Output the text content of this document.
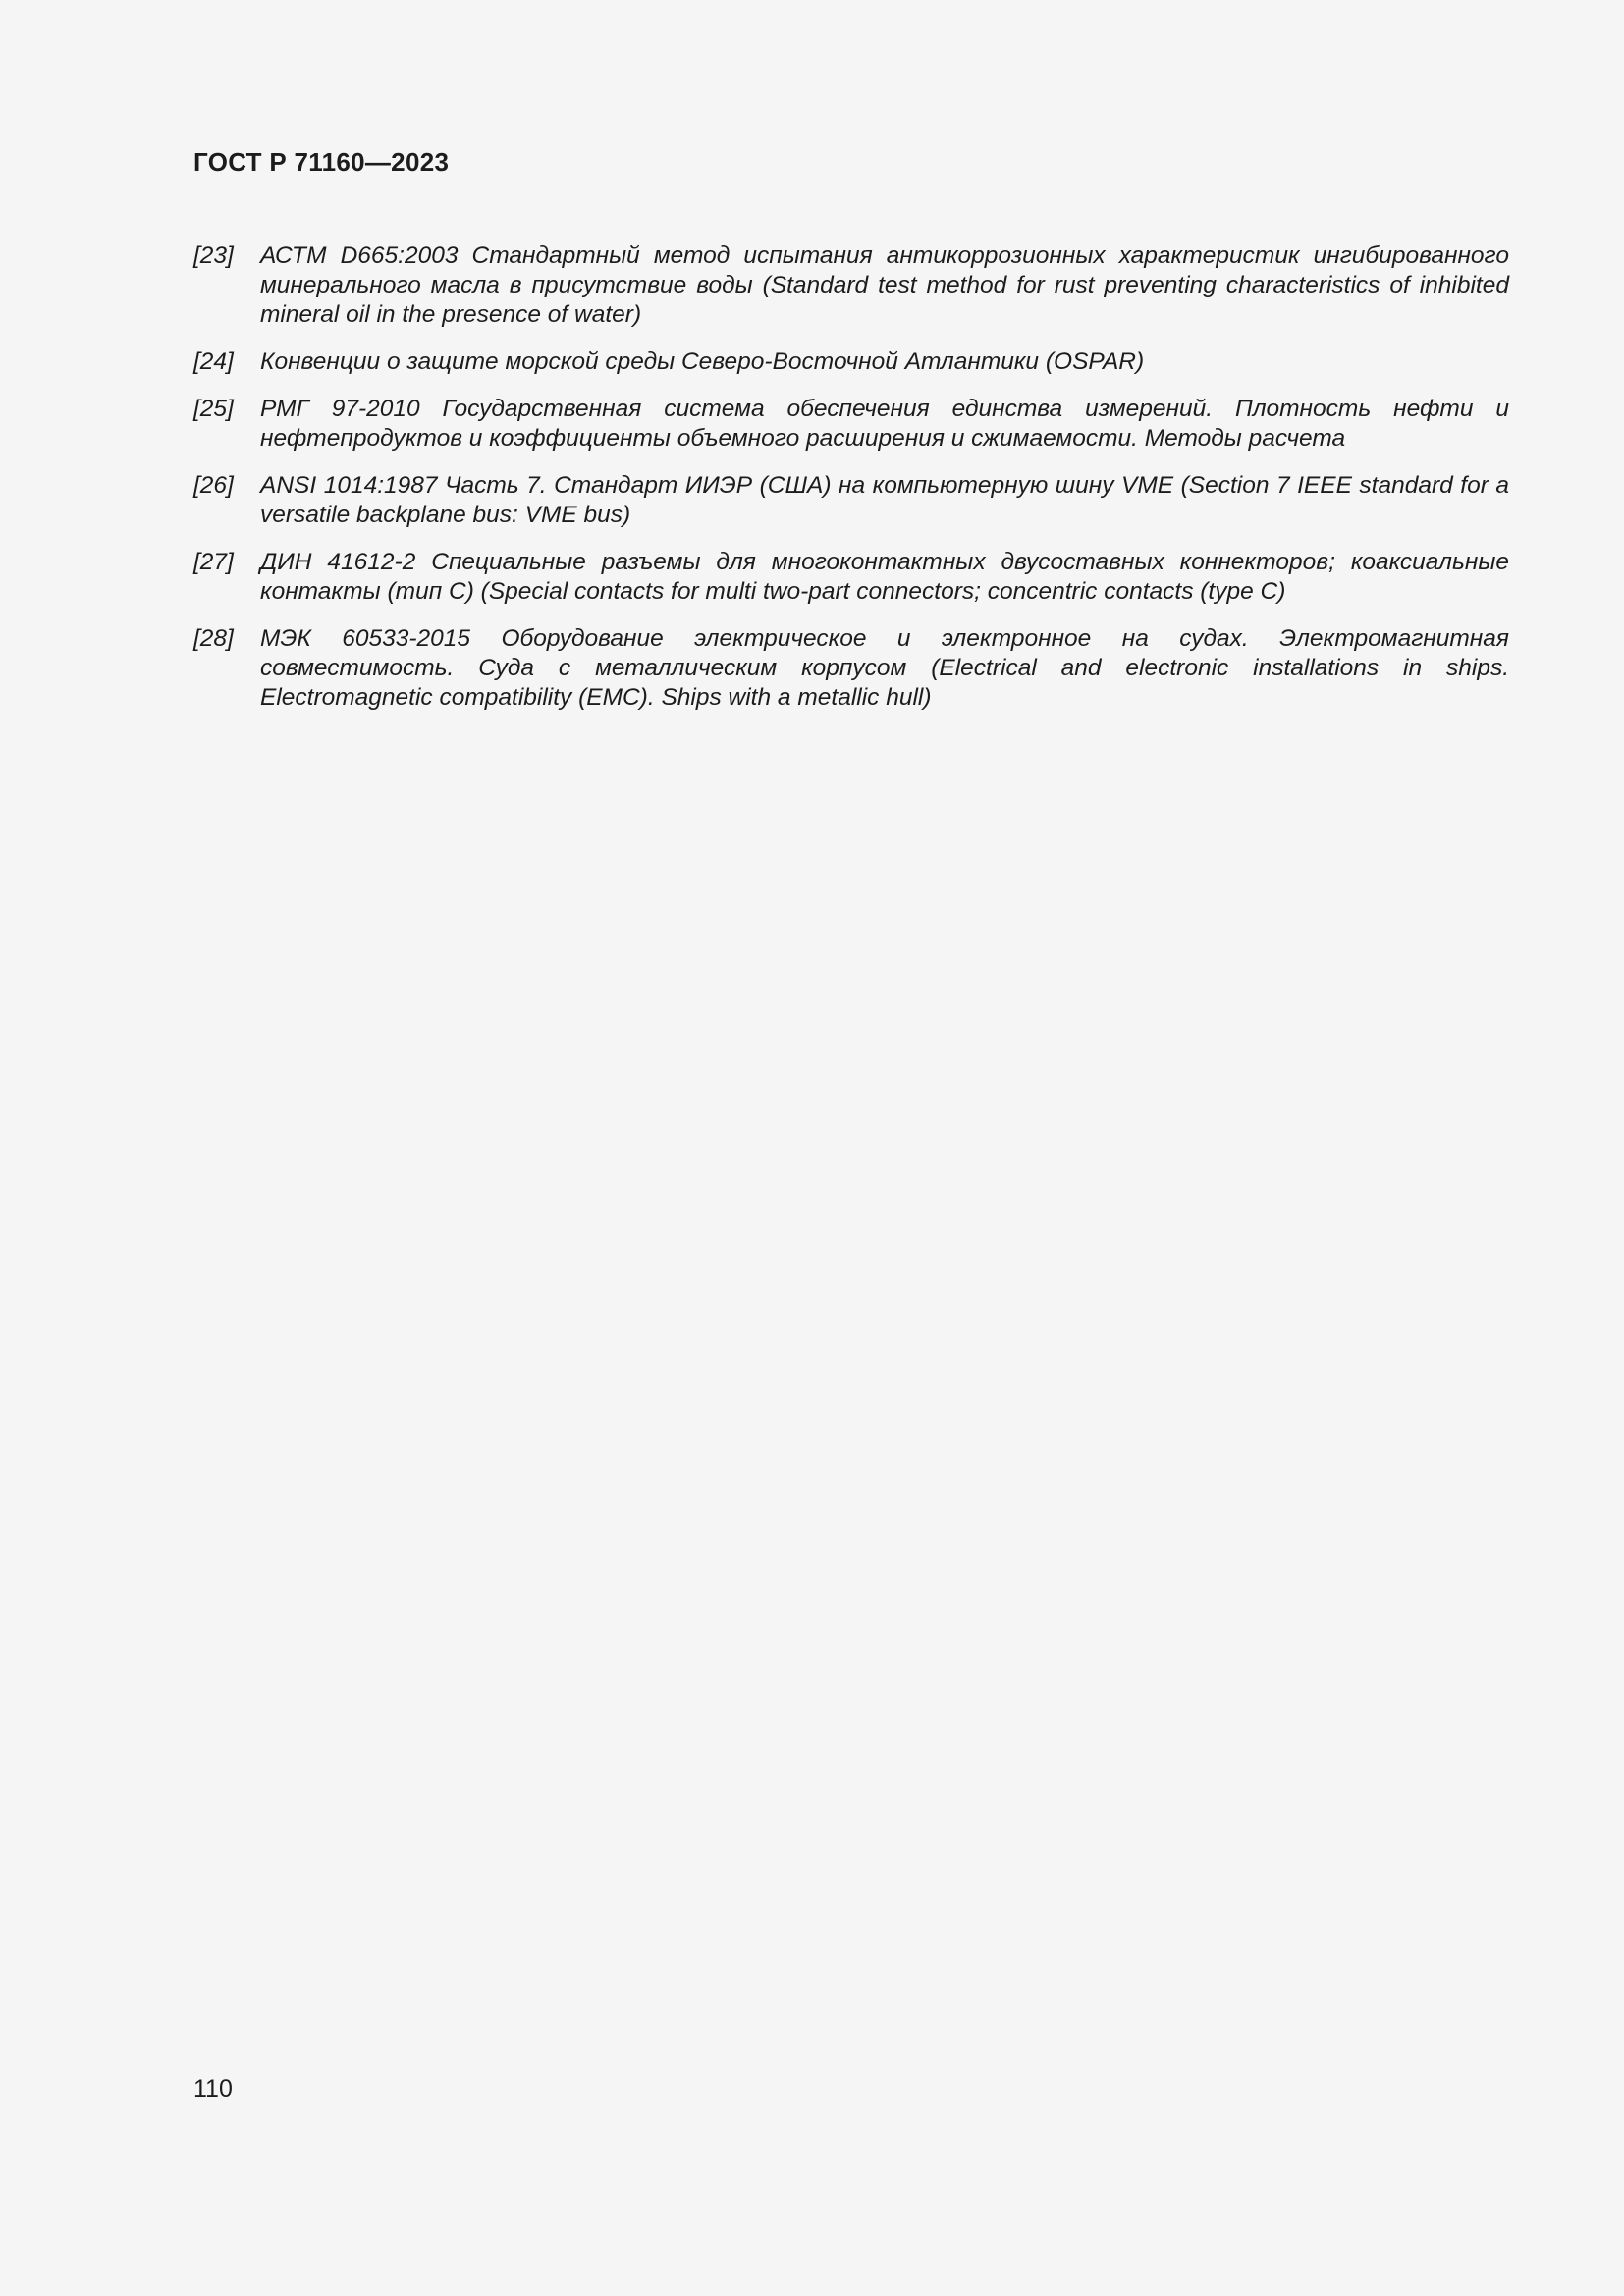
ГОСТ Р 71160—2023
[23]	АСТМ D665:2003 Стандартный метод испытания антикоррозионных характеристик ингибированного минерального масла в присутствие воды (Standard test method for rust preventing characteristics of inhibited mineral oil in the presence of water)
[24]	Конвенции о защите морской среды Северо-Восточной Атлантики (OSPAR)
[25]	РМГ 97-2010 Государственная система обеспечения единства измерений. Плотность нефти и нефтепродуктов и коэффициенты объемного расширения и сжимаемости. Методы расчета
[26]	ANSI 1014:1987 Часть 7. Стандарт ИИЭР (США) на компьютерную шину VME (Section 7 IEEE standard for a versatile backplane bus: VME bus)
[27]	ДИН 41612-2 Специальные разъемы для многоконтактных двусоставных коннекторов; коаксиальные контакты (тип С) (Special contacts for multi two-part connectors; concentric contacts (type C)
[28]	МЭК 60533-2015 Оборудование электрическое и электронное на судах. Электромагнитная совместимость. Суда с металлическим корпусом (Electrical and electronic installations in ships. Electromagnetic compatibility (EMC). Ships with a metallic hull)

110
